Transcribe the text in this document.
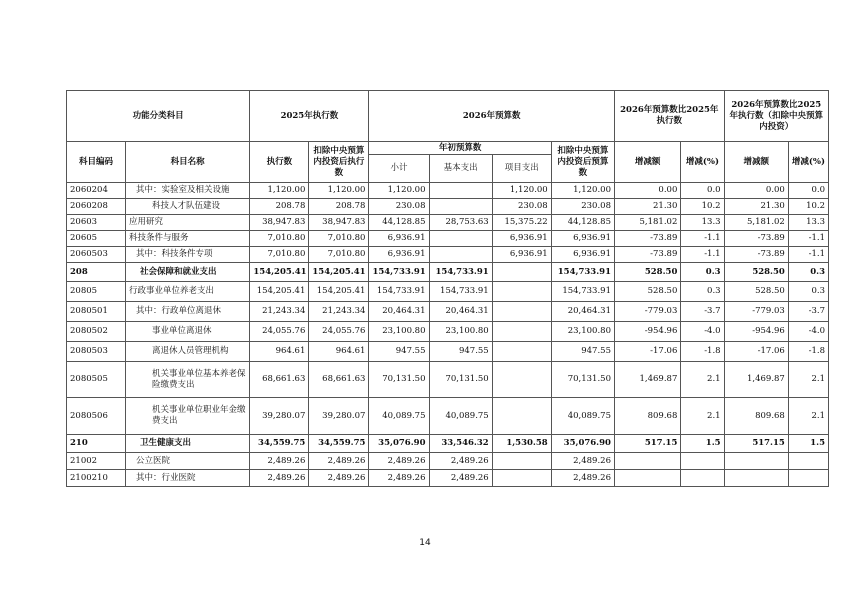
功能分类科目		2025年执行数		2026年预算数				2026年预算数比2025年执行数		2026年预算数比2025年执行数（扣除中央预算内投资）	
科目编码	科目名称	执行数	扣除中央预算内投资后执行数	年初预算数			扣除中央预算内投资后预算数	增减额	增减(%)	增减额	增减(%)
				小计	基本支出	项目支出					
2060204	其中：实验室及相关设施	1,120.00	1,120.00	1,120.00		1,120.00	1,120.00	0.00	0.0	0.00	0.0
2060208	科技人才队伍建设	208.78	208.78	230.08		230.08	230.08	21.30	10.2	21.30	10.2
20603	应用研究	38,947.83	38,947.83	44,128.85	28,753.63	15,375.22	44,128.85	5,181.02	13.3	5,181.02	13.3
20605	科技条件与服务	7,010.80	7,010.80	6,936.91		6,936.91	6,936.91	-73.89	-1.1	-73.89	-1.1
2060503	其中：科技条件专项	7,010.80	7,010.80	6,936.91		6,936.91	6,936.91	-73.89	-1.1	-73.89	-1.1
208	社会保障和就业支出	154,205.41	154,205.41	154,733.91	154,733.91		154,733.91	528.50	0.3	528.50	0.3
20805	行政事业单位养老支出	154,205.41	154,205.41	154,733.91	154,733.91		154,733.91	528.50	0.3	528.50	0.3
2080501	其中：行政单位离退休	21,243.34	21,243.34	20,464.31	20,464.31		20,464.31	-779.03	-3.7	-779.03	-3.7
2080502	事业单位离退休	24,055.76	24,055.76	23,100.80	23,100.80		23,100.80	-954.96	-4.0	-954.96	-4.0
2080503	离退休人员管理机构	964.61	964.61	947.55	947.55		947.55	-17.06	-1.8	-17.06	-1.8
2080505	机关事业单位基本养老保险缴费支出	68,661.63	68,661.63	70,131.50	70,131.50		70,131.50	1,469.87	2.1	1,469.87	2.1
2080506	机关事业单位职业年金缴费支出	39,280.07	39,280.07	40,089.75	40,089.75		40,089.75	809.68	2.1	809.68	2.1
210	卫生健康支出	34,559.75	34,559.75	35,076.90	33,546.32	1,530.58	35,076.90	517.15	1.5	517.15	1.5
21002	公立医院	2,489.26	2,489.26	2,489.26	2,489.26		2,489.26				
2100210	其中：行业医院	2,489.26	2,489.26	2,489.26	2,489.26		2,489.26				
14
